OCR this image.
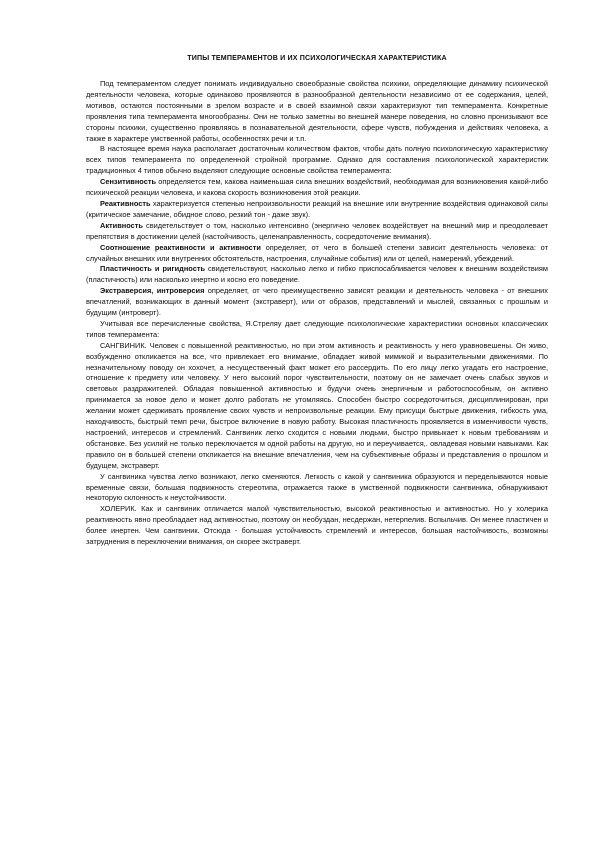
ТИПЫ ТЕМПЕРАМЕНТОВ И ИХ ПСИХОЛОГИЧЕСКАЯ ХАРАКТЕРИСТИКА

Под темпераментом следует понимать индивидуально своеобразные свойства психики, определяющие динамику психической деятельности человека, которые одинаково проявляются в разнообразной деятельности независимо от ее содержания, целей, мотивов, остаются постоянными в зрелом возрасте и в своей взаимной связи характеризуют тип темперамента. Конкретные проявления типа темперамента многообразны. Они не только заметны во внешней манере поведения, но словно пронизывают все стороны психики, существенно проявляясь в познавательной деятельности, сфере чувств, побуждения и действиях человека, а также в характере умственной работы, особенностях речи и т.п.

В настоящее время наука располагает достаточным количеством фактов, чтобы дать полную психологическую характеристику всех типов темперамента по определенной стройной программе. Однако для составления психологической характеристик традиционных 4 типов обычно выделяют следующие основные свойства темперамента:

Сензитивность определяется тем, какова наименьшая сила внешних воздействий, необходимая для возникновения какой-либо психической реакции человека, и какова скорость возникновения этой реакции.

Реактивность характеризуется степенью непроизвольности реакций на внешние или внутренние воздействия одинаковой силы (критическое замечание, обидное слово, резкий тон - даже звук).

Активность свидетельствует о том, насколько интенсивно (энергично человек воздействует на внешний мир и преодолевает препятствия в достижении целей (настойчивость, целенаправленность, сосредоточение внимания).

Соотношение реактивности и активности определяет, от чего в большей степени зависит деятельность человека: от случайных внешних или внутренних обстоятельств, настроения, случайные события) или от целей, намерений, убеждений.

Пластичность и ригидность свидетельствуют, насколько легко и гибко приспосабливается человек к внешним воздействиям (пластичность) или насколько инертно и косно его поведение.

Экстраверсия, интроверсия определяет, от чего преимущественно зависят реакции и деятельность человека - от внешних впечатлений, возникающих в данный момент (экстраверт), или от образов, представлений и мыслей, связанных с прошлым и будущим (интроверт).

Учитывая все перечисленные свойства, Я.Стреляу дает следующие психологические характеристики основных классических типов темперамента:

САНГВИНИК. Человек с повышенной реактивностью, но при этом активность и реактивность у него уравновешены. Он живо, возбужденно откликается на все, что привлекает его внимание, обладает живой мимикой и выразительными движениями. По незначительному поводу он хохочет, а несущественный факт может его рассердить. По его лицу легко угадать его настроение, отношение к предмету или человеку. У него высокий порог чувствительности, поэтому он не замечает очень слабых звуков и световых раздражителей. Обладая повышенной активностью и будучи очень энергичным и работоспособным, он активно принимается за новое дело и может долго работать не утомляясь. Способен быстро сосредоточиться, дисциплинирован, при желании может сдерживать проявление своих чувств и непроизвольные реакции. Ему присущи быстрые движения, гибкость ума, находчивость, быстрый темп речи, быстрое включение в новую работу. Высокая пластичность проявляется в изменчивости чувств, настроений, интересов и стремлений. Сангвиник легко сходится с новыми людьми, быстро привыкает к новым требованиям и обстановке. Без усилий не только переключается м одной работы на другую, но и переучивается,. овладевая новыми навыками. Как правило он в большей степени откликается на внешние впечатления, чем на субъективные образы и представления о прошлом и будущем, экстраверт.

У сангвиника чувства легко возникают, легко сменяются. Легкость с какой у сангвиника образуются и переделываются новые временные связи, большая подвижность стереотипа, отражается также в умственной подвижности сангвиника, обнаруживают некоторую склонность к неустойчивости.

ХОЛЕРИК. Как и сангвиник отличается малой чувствительностью, высокой реактивностью и активностью. Но у холерика реактивность явно преобладает над активностью, поэтому он необуздан, несдержан, нетерпелив. Вспыльчив. Он менее пластичен и более инертен. Чем сангвиник. Отсюда - большая устойчивость стремлений и интересов, большая настойчивость, возможны затруднения в переключении внимания, он скорее экстраверт.
